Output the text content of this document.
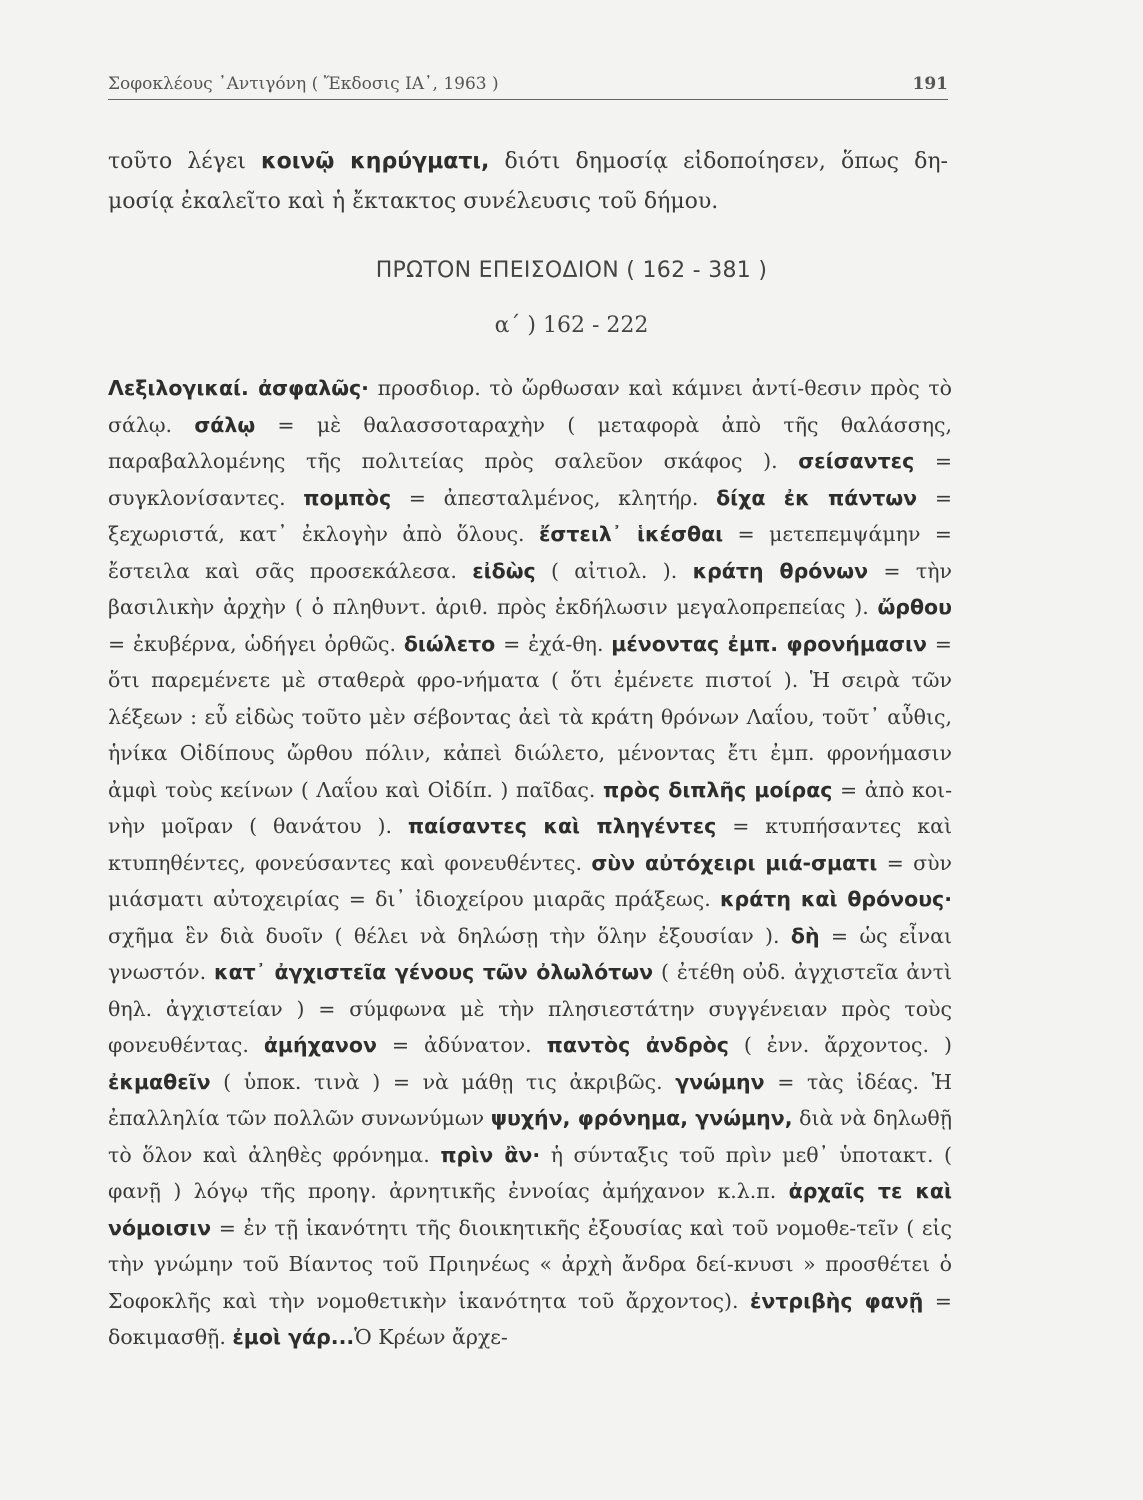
Σοφοκλέους ᾽Αντιγόνη ( Ἔκδοσις ΙΑ᾽, 1963 )	191
τοῦτο λέγει κοινῷ κηρύγματι, διότι δημοσίᾳ εἰδοποίησεν, ὅπως δη-μοσίᾳ ἐκαλεῖτο καὶ ἡ ἔκτακτος συνέλευσις τοῦ δήμου.
ΠΡΩΤΟΝ ΕΠΕΙΣΟΔΙΟΝ ( 162 - 381 )
α΄ ) 162 - 222
Λεξιλογικαί. ἀσφαλῶς· προσδιορ. τὸ ὤρθωσαν καὶ κάμνει ἀντί-θεσιν πρὸς τὸ σάλῳ. σάλῳ = μὲ θαλασσοταραχὴν ( μεταφορὰ ἀπὸ τῆς θαλάσσης, παραβαλλομένης τῆς πολιτείας πρὸς σαλεῦον σκάφος ). σείσαντες = συγκλονίσαντες. πομπὸς = ἀπεσταλμένος, κλητήρ. δίχα ἐκ πάντων = ξεχωριστά, κατ᾽ ἐκλογὴν ἀπὸ ὅλους. ἔστειλ᾽ ἱκέσθαι = μετεπεμψάμην = ἔστειλα καὶ σᾶς προσεκάλεσα. εἰδὼς ( αἰτιολ. ). κράτη θρόνων = τὴν βασιλικὴν ἀρχὴν ( ὁ πληθυντ. ἀριθ. πρὸς ἐκδήλωσιν μεγαλοπρεπείας ). ὤρθου = ἐκυβέρνα, ὡδήγει ὀρθῶς. διώλετο = ἐχά-θη. μένοντας ἐμπ. φρονήμασιν = ὅτι παρεμένετε μὲ σταθερὰ φρο-νήματα ( ὅτι ἐμένετε πιστοί ). Ἡ σειρὰ τῶν λέξεων : εὖ εἰδὼς τοῦτο μὲν σέβοντας ἀεὶ τὰ κράτη θρόνων Λαΐου, τοῦτ᾽ αὖθις, ἡνίκα Οἰδίπους ὤρθου πόλιν, κἀπεὶ διώλετο, μένοντας ἔτι ἐμπ. φρονήμασιν ἀμφὶ τοὺς κείνων ( Λαΐου καὶ Οἰδίπ. ) παῖδας. πρὸς διπλῆς μοίρας = ἀπὸ κοι-νὴν μοῖραν ( θανάτου ). παίσαντες καὶ πληγέντες = κτυπήσαντες καὶ κτυπηθέντες, φονεύσαντες καὶ φονευθέντες. σὺν αὐτόχειρι μιά-σματι = σὺν μιάσματι αὐτοχειρίας = δι᾽ ἰδιοχείρου μιαρᾶς πράξεως. κράτη καὶ θρόνους· σχῆμα ἓν διὰ δυοῖν ( θέλει νὰ δηλώσῃ τὴν ὅλην ἐξουσίαν ). δὴ = ὡς εἶναι γνωστόν. κατ᾽ ἀγχιστεῖα γένους τῶν ὀλωλότων ( ἐτέθη οὐδ. ἀγχιστεῖα ἀντὶ θηλ. ἀγχιστείαν ) = σύμφωνα μὲ τὴν πλησιεστάτην συγγένειαν πρὸς τοὺς φονευθέντας. ἀμήχανον = ἀδύνατον. παντὸς ἀνδρὸς ( ἐνν. ἄρχοντος. ) ἐκμαθεῖν ( ὑποκ. τινὰ ) = νὰ μάθῃ τις ἀκριβῶς. γνώμην = τὰς ἰδέας. Ἡ ἐπαλληλία τῶν πολλῶν συνωνύμων ψυχήν, φρόνημα, γνώμην, διὰ νὰ δηλωθῇ τὸ ὅλον καὶ ἀληθὲς φρόνημα. πρὶν ἂν· ἡ σύνταξις τοῦ πρὶν μεθ᾽ ὑποτακτ. ( φανῇ ) λόγῳ τῆς προηγ. ἀρνητικῆς ἐννοίας ἀμήχανον κ.λ.π. ἀρχαῖς τε καὶ νόμοισιν = ἐν τῇ ἱκανότητι τῆς διοικητικῆς ἐξουσίας καὶ τοῦ νομοθε-τεῖν ( εἰς τὴν γνώμην τοῦ Βίαντος τοῦ Πριηνέως « ἀρχὴ ἄνδρα δεί-κνυσι » προσθέτει ὁ Σοφοκλῆς καὶ τὴν νομοθετικὴν ἱκανότητα τοῦ ἄρχοντος). ἐντριβὴς φανῇ = δοκιμασθῇ. ἐμοὶ γάρ...Ὁ Κρέων ἄρχε-
